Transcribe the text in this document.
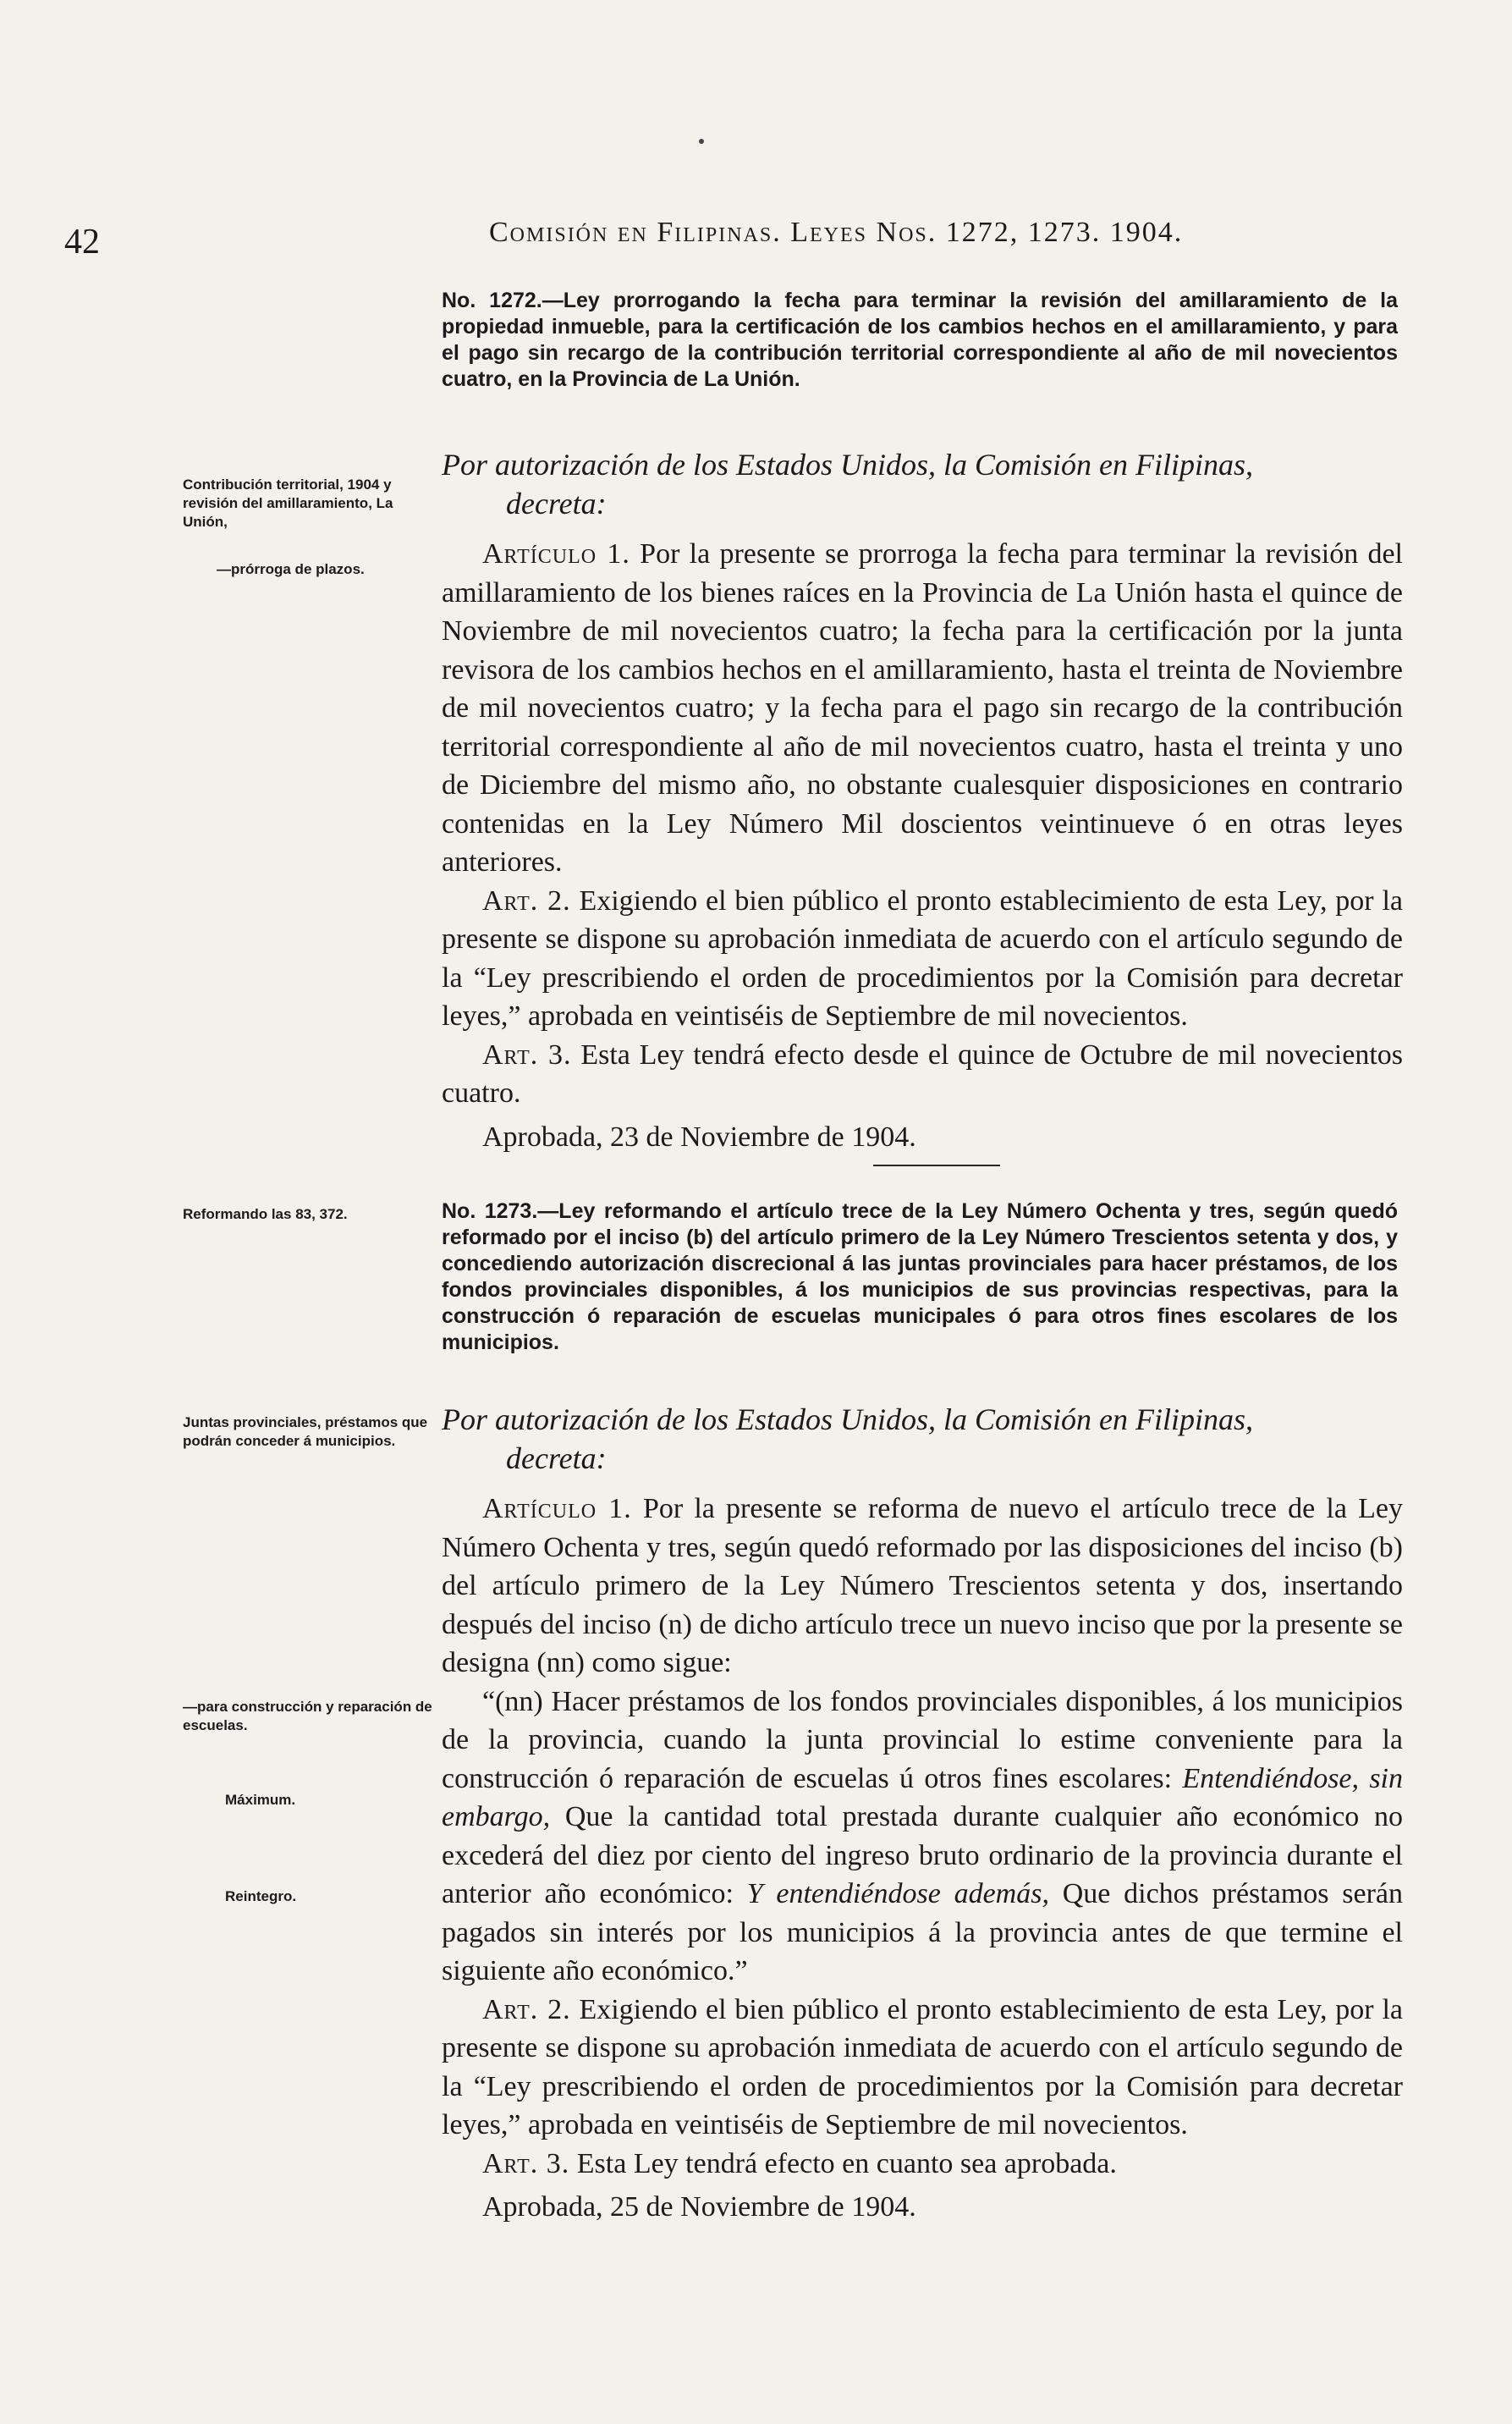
42	Comisión en Filipinas. Leyes Nos. 1272, 1273. 1904.
No. 1272.—Ley prorrogando la fecha para terminar la revisión del amillaramiento de la propiedad inmueble, para la certificación de los cambios hechos en el amillaramiento, y para el pago sin recargo de la contribución territorial correspondiente al año de mil novecientos cuatro, en la Provincia de La Unión.
Contribución territorial, 1904 y revisión del amillaramiento, La Unión,
—prórroga de plazos.

Por autorización de los Estados Unidos, la Comisión en Filipinas,
decreta:

Artículo 1. Por la presente se prorroga la fecha para terminar la revisión del amillaramiento de los bienes raíces en la Provincia de La Unión hasta el quince de Noviembre de mil novecientos cuatro; la fecha para la certificación por la junta revisora de los cambios hechos en el amillaramiento, hasta el treinta de Noviembre de mil novecientos cuatro; y la fecha para el pago sin recargo de la contribución territorial correspondiente al año de mil novecientos cuatro, hasta el treinta y uno de Diciembre del mismo año, no obstante cualesquier disposiciones en contrario contenidas en la Ley Número Mil doscientos veintinueve ó en otras leyes anteriores.

Art. 2. Exigiendo el bien público el pronto establecimiento de esta Ley, por la presente se dispone su aprobación inmediata de acuerdo con el artículo segundo de la “Ley prescribiendo el orden de procedimientos por la Comisión para decretar leyes,” aprobada en veintiséis de Septiembre de mil novecientos.

Art. 3. Esta Ley tendrá efecto desde el quince de Octubre de mil novecientos cuatro.

Aprobada, 23 de Noviembre de 1904.

Reformando las 83, 372.	No. 1273.—Ley reformando el artículo trece de la Ley Número Ochenta y tres, según quedó reformado por el inciso (b) del artículo primero de la Ley Número Trescientos setenta y dos, y concediendo autorización discrecional á las juntas provinciales para hacer préstamos, de los fondos provinciales disponibles, á los municipios de sus provincias respectivas, para la construcción ó reparación de escuelas municipales ó para otros fines escolares de los municipios.
Juntas provinciales, préstamos que podrán conceder á municipios.
—para construcción y reparación de escuelas.
Máximum.
Reintegro.

Por autorización de los Estados Unidos, la Comisión en Filipinas,
decreta:

Artículo 1. Por la presente se reforma de nuevo el artículo trece de la Ley Número Ochenta y tres, según quedó reformado por las disposiciones del inciso (b) del artículo primero de la Ley Número Trescientos setenta y dos, insertando después del inciso (n) de dicho artículo trece un nuevo inciso que por la presente se designa (nn) como sigue:

“(nn) Hacer préstamos de los fondos provinciales disponibles, á los municipios de la provincia, cuando la junta provincial lo estime conveniente para la construcción ó reparación de escuelas ú otros fines escolares: Entendiéndose, sin embargo, Que la cantidad total prestada durante cualquier año económico no excederá del diez por ciento del ingreso bruto ordinario de la provincia durante el anterior año económico: Y entendiéndose además, Que dichos préstamos serán pagados sin interés por los municipios á la provincia antes de que termine el siguiente año económico.”

Art. 2. Exigiendo el bien público el pronto establecimiento de esta Ley, por la presente se dispone su aprobación inmediata de acuerdo con el artículo segundo de la “Ley prescribiendo el orden de procedimientos por la Comisión para decretar leyes,” aprobada en veintiséis de Septiembre de mil novecientos.

Art. 3. Esta Ley tendrá efecto en cuanto sea aprobada.

Aprobada, 25 de Noviembre de 1904.
